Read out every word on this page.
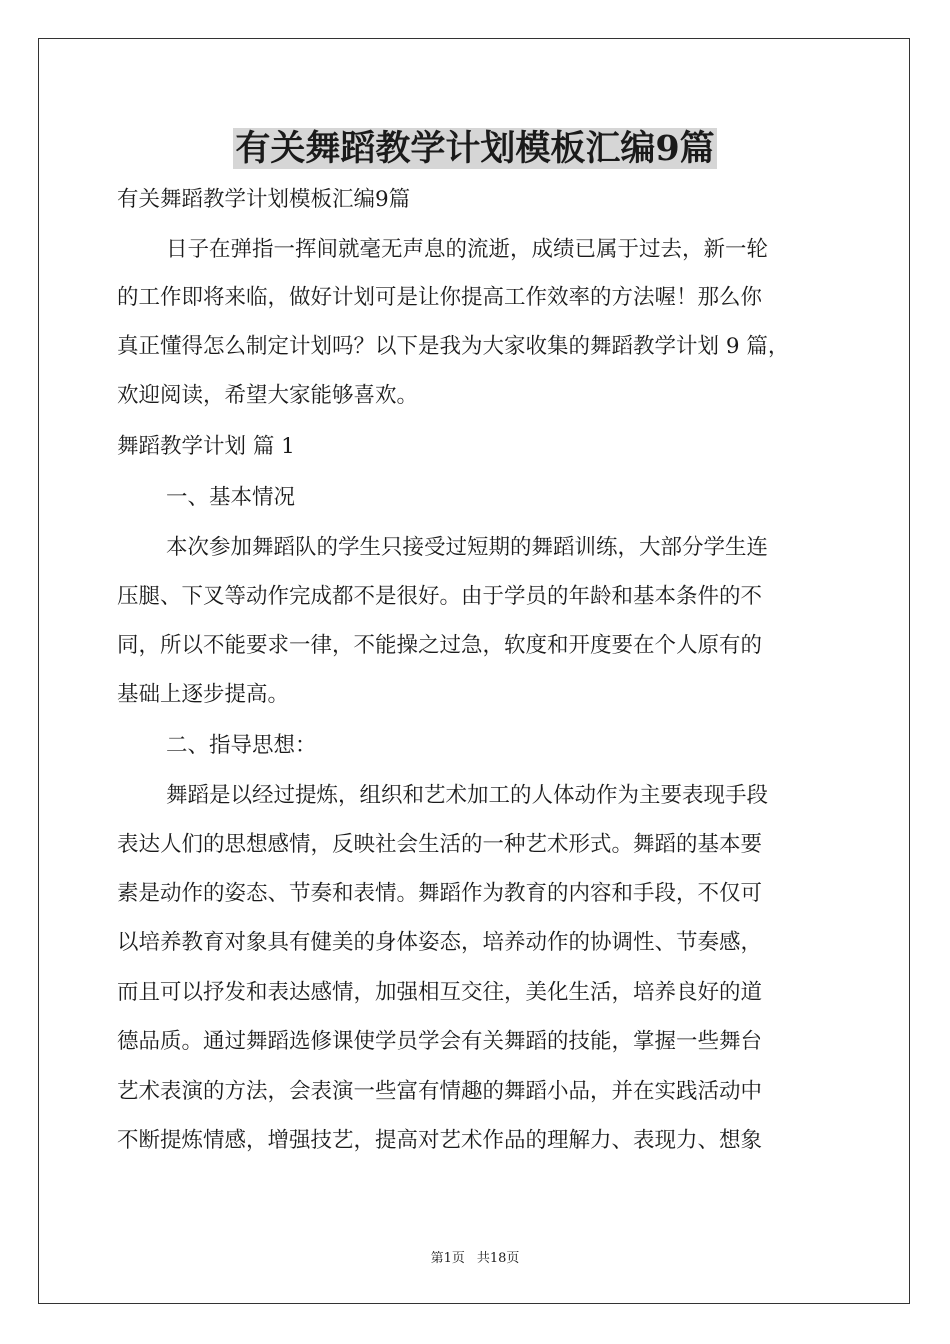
有关舞蹈教学计划模板汇编9篇
有关舞蹈教学计划模板汇编9篇
日子在弹指一挥间就毫无声息的流逝，成绩已属于过去，新一轮
的工作即将来临，做好计划可是让你提高工作效率的方法喔！那么你
真正懂得怎么制定计划吗？以下是我为大家收集的舞蹈教学计划 9 篇，
欢迎阅读，希望大家能够喜欢。
舞蹈教学计划 篇 1
一、基本情况
本次参加舞蹈队的学生只接受过短期的舞蹈训练，大部分学生连
压腿、下叉等动作完成都不是很好。由于学员的年龄和基本条件的不
同，所以不能要求一律，不能操之过急，软度和开度要在个人原有的
基础上逐步提高。
二、指导思想：
舞蹈是以经过提炼，组织和艺术加工的人体动作为主要表现手段
表达人们的思想感情，反映社会生活的一种艺术形式。舞蹈的基本要
素是动作的姿态、节奏和表情。舞蹈作为教育的内容和手段，不仅可
以培养教育对象具有健美的身体姿态，培养动作的协调性、节奏感，
而且可以抒发和表达感情，加强相互交往，美化生活，培养良好的道
德品质。通过舞蹈选修课使学员学会有关舞蹈的技能，掌握一些舞台
艺术表演的方法，会表演一些富有情趣的舞蹈小品，并在实践活动中
不断提炼情感，增强技艺，提高对艺术作品的理解力、表现力、想象
第1页 共18页
